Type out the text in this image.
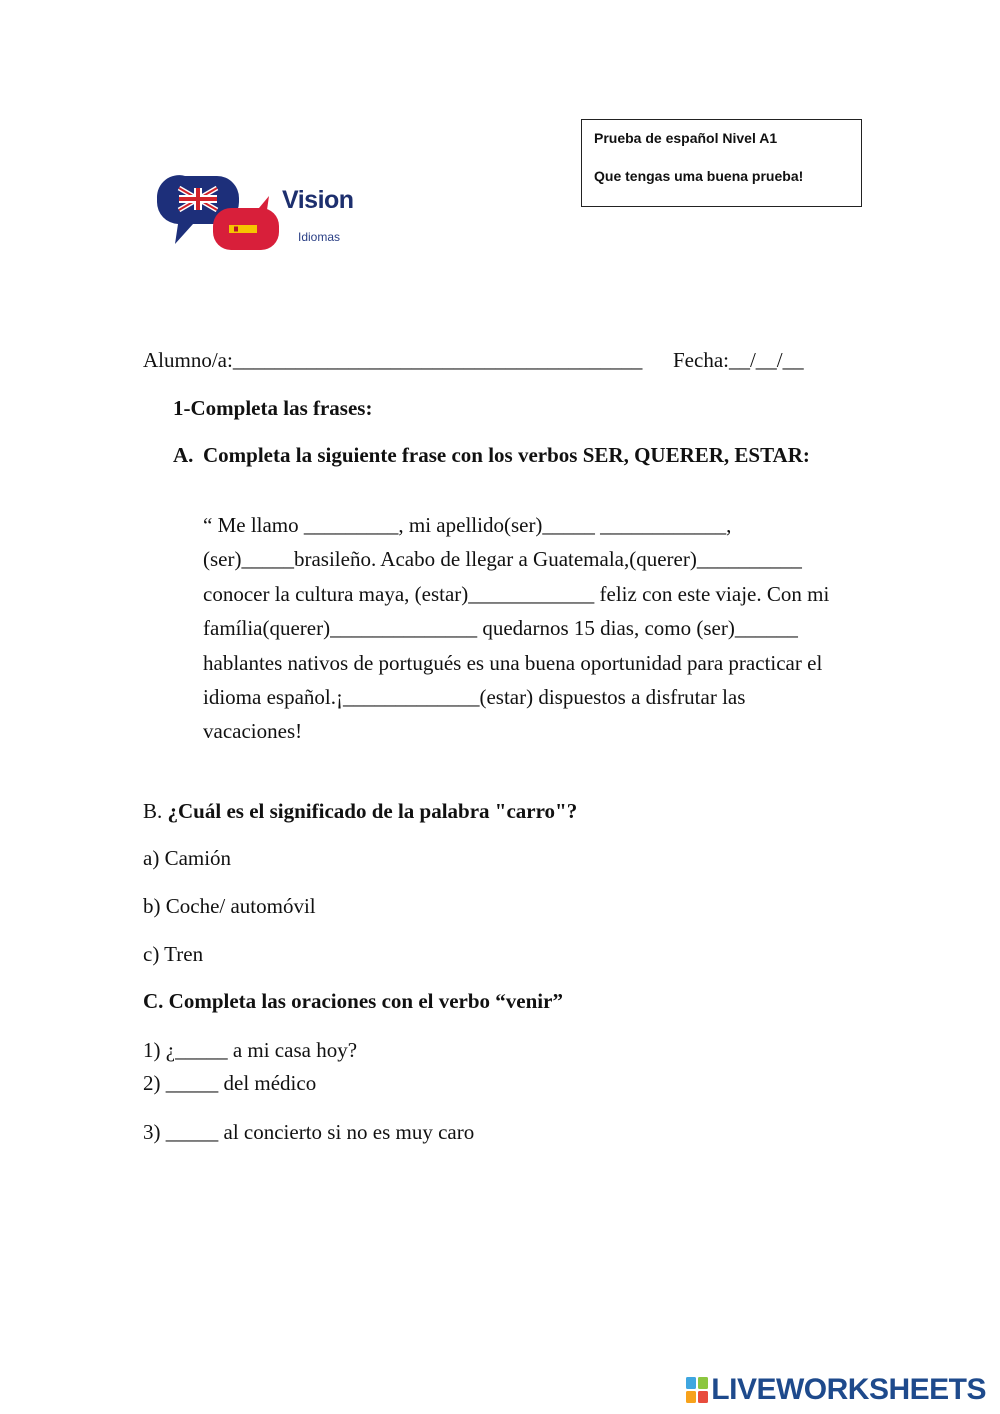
Prueba de español Nivel A1
Que tengas uma buena prueba!
Vision
Idiomas
Alumno/a:_______________________________________ Fecha:__/__/__
1-Completa las frases:
A. Completa la siguiente frase con los verbos SER, QUERER, ESTAR:
“ Me llamo _________, mi apellido(ser)_____ ____________,
(ser)_____brasileño. Acabo de llegar a Guatemala,(querer)__________
conocer la cultura maya, (estar)____________ feliz con este viaje. Con mi
família(querer)______________ quedarnos 15 dias, como (ser)______
hablantes nativos de portugués es una buena oportunidad para practicar el
idioma español.¡_____________(estar) dispuestos a disfrutar las
vacaciones!
B. ¿Cuál es el significado de la palabra "carro"?
a) Camión
b) Coche/ automóvil
c) Tren
C. Completa las oraciones con el verbo “venir”
1) ¿_____ a mi casa hoy?
2) _____ del médico
3) _____ al concierto si no es muy caro
LIVEWORKSHEETS
